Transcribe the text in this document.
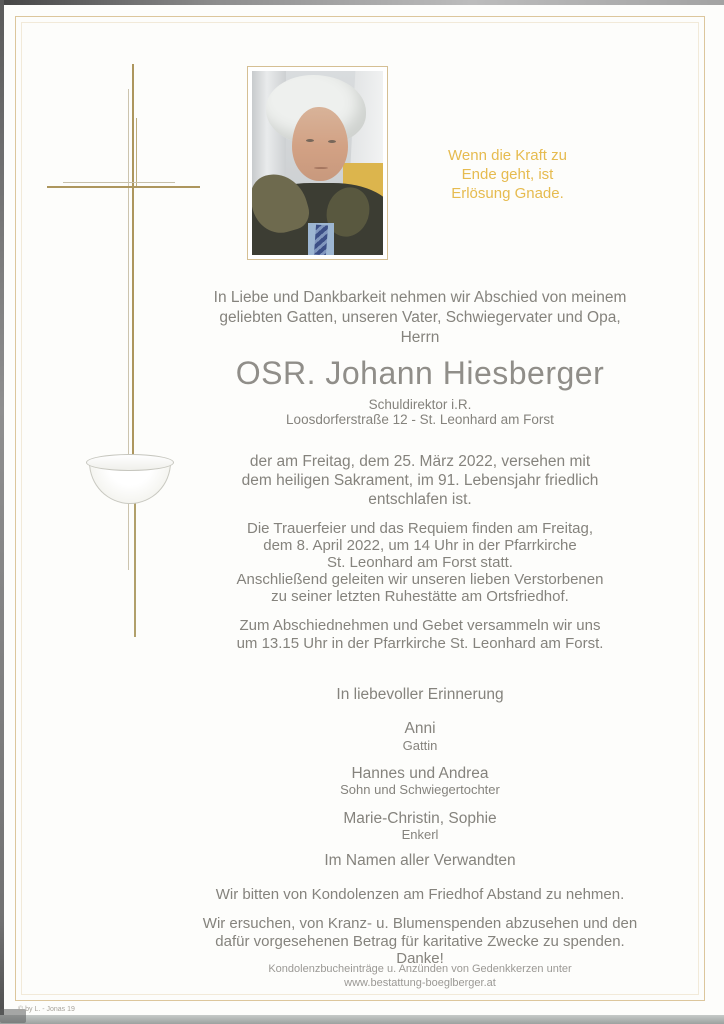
Wenn die Kraft zu
Ende geht, ist
Erlösung Gnade.
In Liebe und Dankbarkeit nehmen wir Abschied von meinem
geliebten Gatten, unseren Vater, Schwiegervater und Opa,
Herrn
OSR. Johann Hiesberger
Schuldirektor i.R.
Loosdorferstraße 12 - St. Leonhard am Forst
der am Freitag, dem 25. März 2022, versehen mit
dem heiligen Sakrament, im 91. Lebensjahr friedlich
entschlafen ist.
Die Trauerfeier und das Requiem finden am Freitag,
dem 8. April 2022, um 14 Uhr in der Pfarrkirche
St. Leonhard am Forst statt.
Anschließend geleiten wir unseren lieben Verstorbenen
zu seiner letzten Ruhestätte am Ortsfriedhof.
Zum Abschiednehmen und Gebet versammeln wir uns
um 13.15 Uhr in der Pfarrkirche St. Leonhard am Forst.
In liebevoller Erinnerung
Anni
Gattin
Hannes und Andrea
Sohn und Schwiegertochter
Marie-Christin, Sophie
Enkerl
Im Namen aller Verwandten
Wir bitten von Kondolenzen am Friedhof Abstand zu nehmen.
Wir ersuchen, von Kranz- u. Blumenspenden abzusehen und den
dafür vorgesehenen Betrag für karitative Zwecke zu spenden.
Danke!
Kondolenzbucheinträge u. Anzünden von Gedenkkerzen unter
www.bestattung-boeglberger.at
© by L. - Jonas 19
